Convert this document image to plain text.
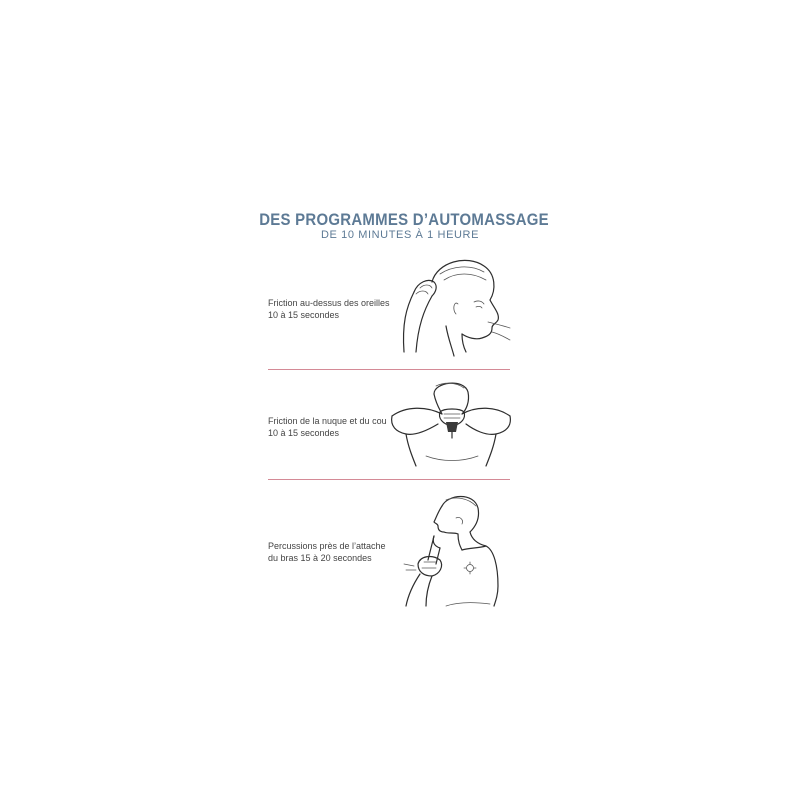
DES PROGRAMMES D’AUTOMASSAGE
DE 10 MINUTES À 1 HEURE
Friction au-dessus des oreilles
10 à 15 secondes
Friction de la nuque et du cou
10 à 15 secondes
Percussions près de l’attache
du bras 15 à 20 secondes
